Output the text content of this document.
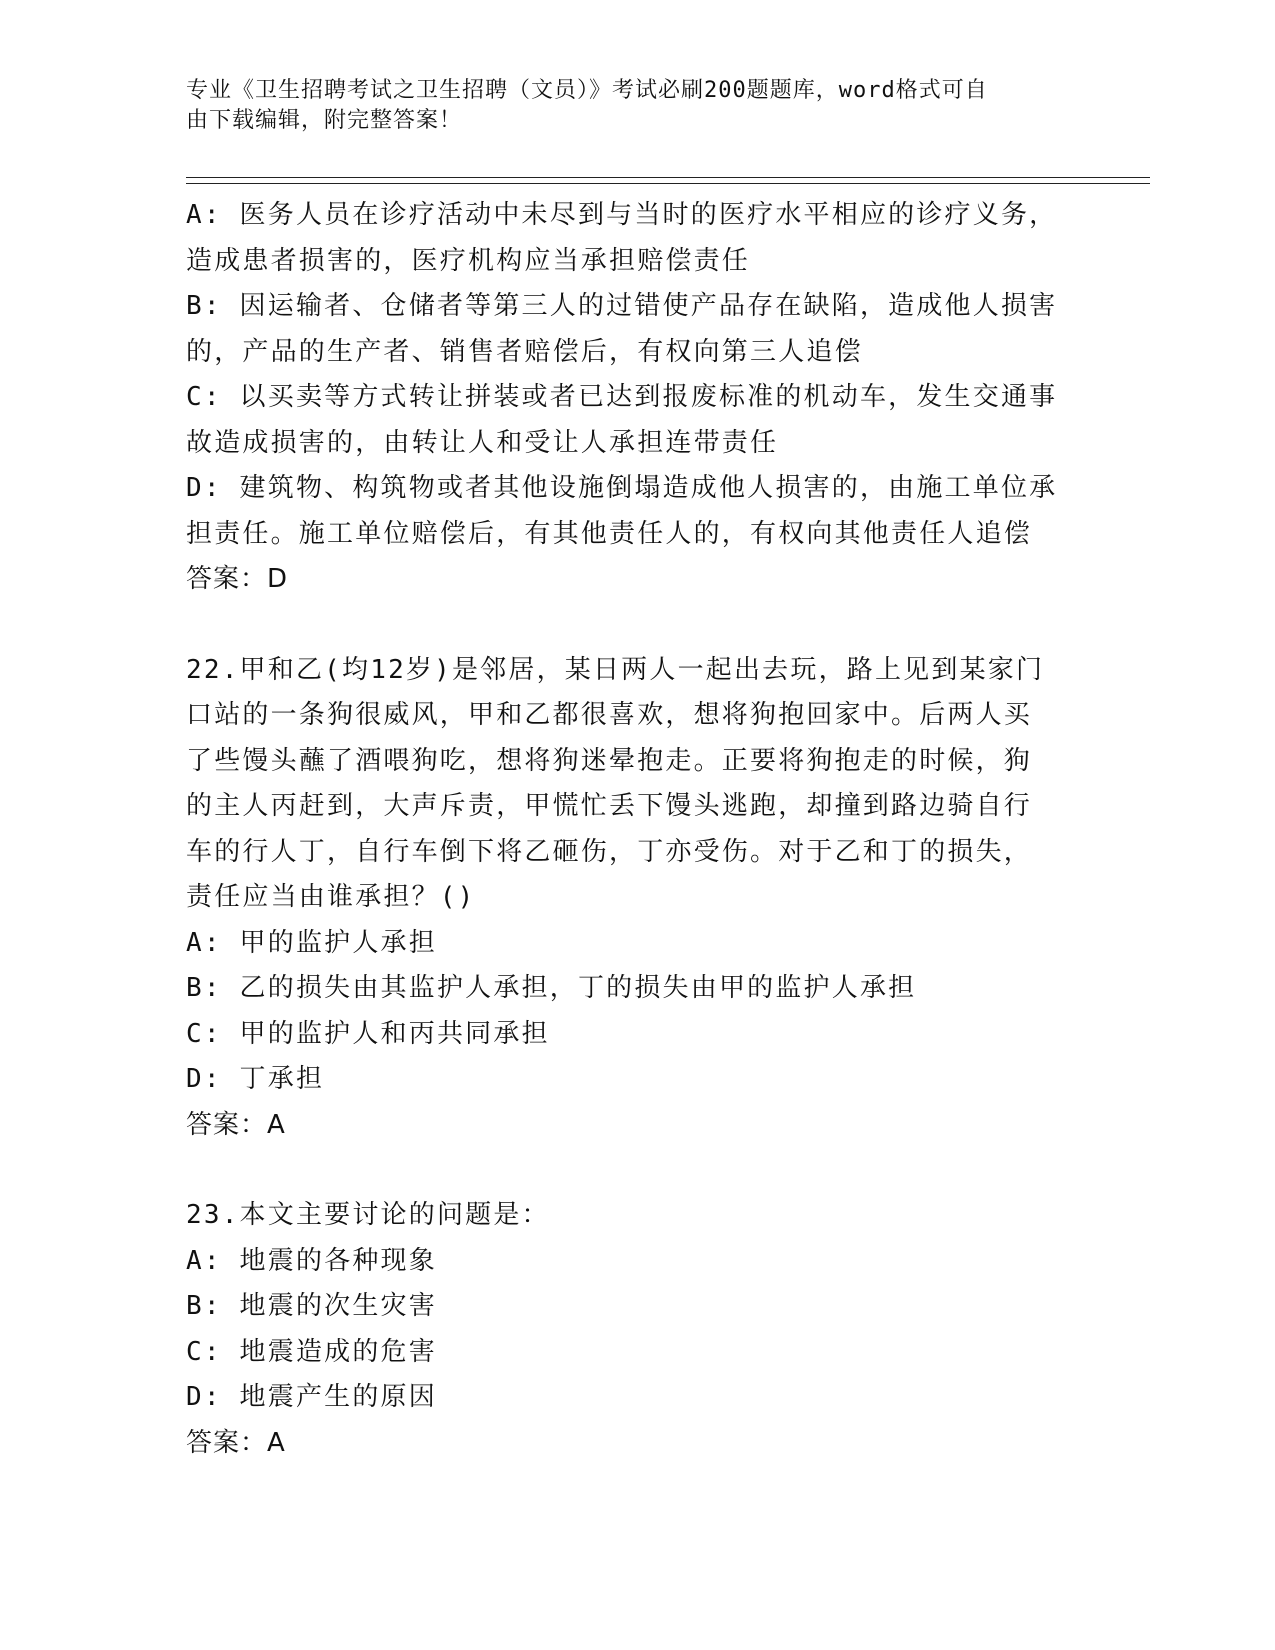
专业《卫生招聘考试之卫生招聘（文员）》考试必刷200题题库，word格式可自
由下载编辑，附完整答案！
A: 医务人员在诊疗活动中未尽到与当时的医疗水平相应的诊疗义务，
造成患者损害的，医疗机构应当承担赔偿责任
B: 因运输者、仓储者等第三人的过错使产品存在缺陷，造成他人损害
的，产品的生产者、销售者赔偿后，有权向第三人追偿
C: 以买卖等方式转让拼装或者已达到报废标准的机动车，发生交通事
故造成损害的，由转让人和受让人承担连带责任
D: 建筑物、构筑物或者其他设施倒塌造成他人损害的，由施工单位承
担责任。施工单位赔偿后，有其他责任人的，有权向其他责任人追偿
答案：D
22.甲和乙(均12岁)是邻居，某日两人一起出去玩，路上见到某家门
口站的一条狗很威风，甲和乙都很喜欢，想将狗抱回家中。后两人买
了些馒头蘸了酒喂狗吃，想将狗迷晕抱走。正要将狗抱走的时候，狗
的主人丙赶到，大声斥责，甲慌忙丢下馒头逃跑，却撞到路边骑自行
车的行人丁，自行车倒下将乙砸伤，丁亦受伤。对于乙和丁的损失，
责任应当由谁承担？()
A: 甲的监护人承担
B: 乙的损失由其监护人承担，丁的损失由甲的监护人承担
C: 甲的监护人和丙共同承担
D: 丁承担
答案：A
23.本文主要讨论的问题是：
A: 地震的各种现象
B: 地震的次生灾害
C: 地震造成的危害
D: 地震产生的原因
答案：A
